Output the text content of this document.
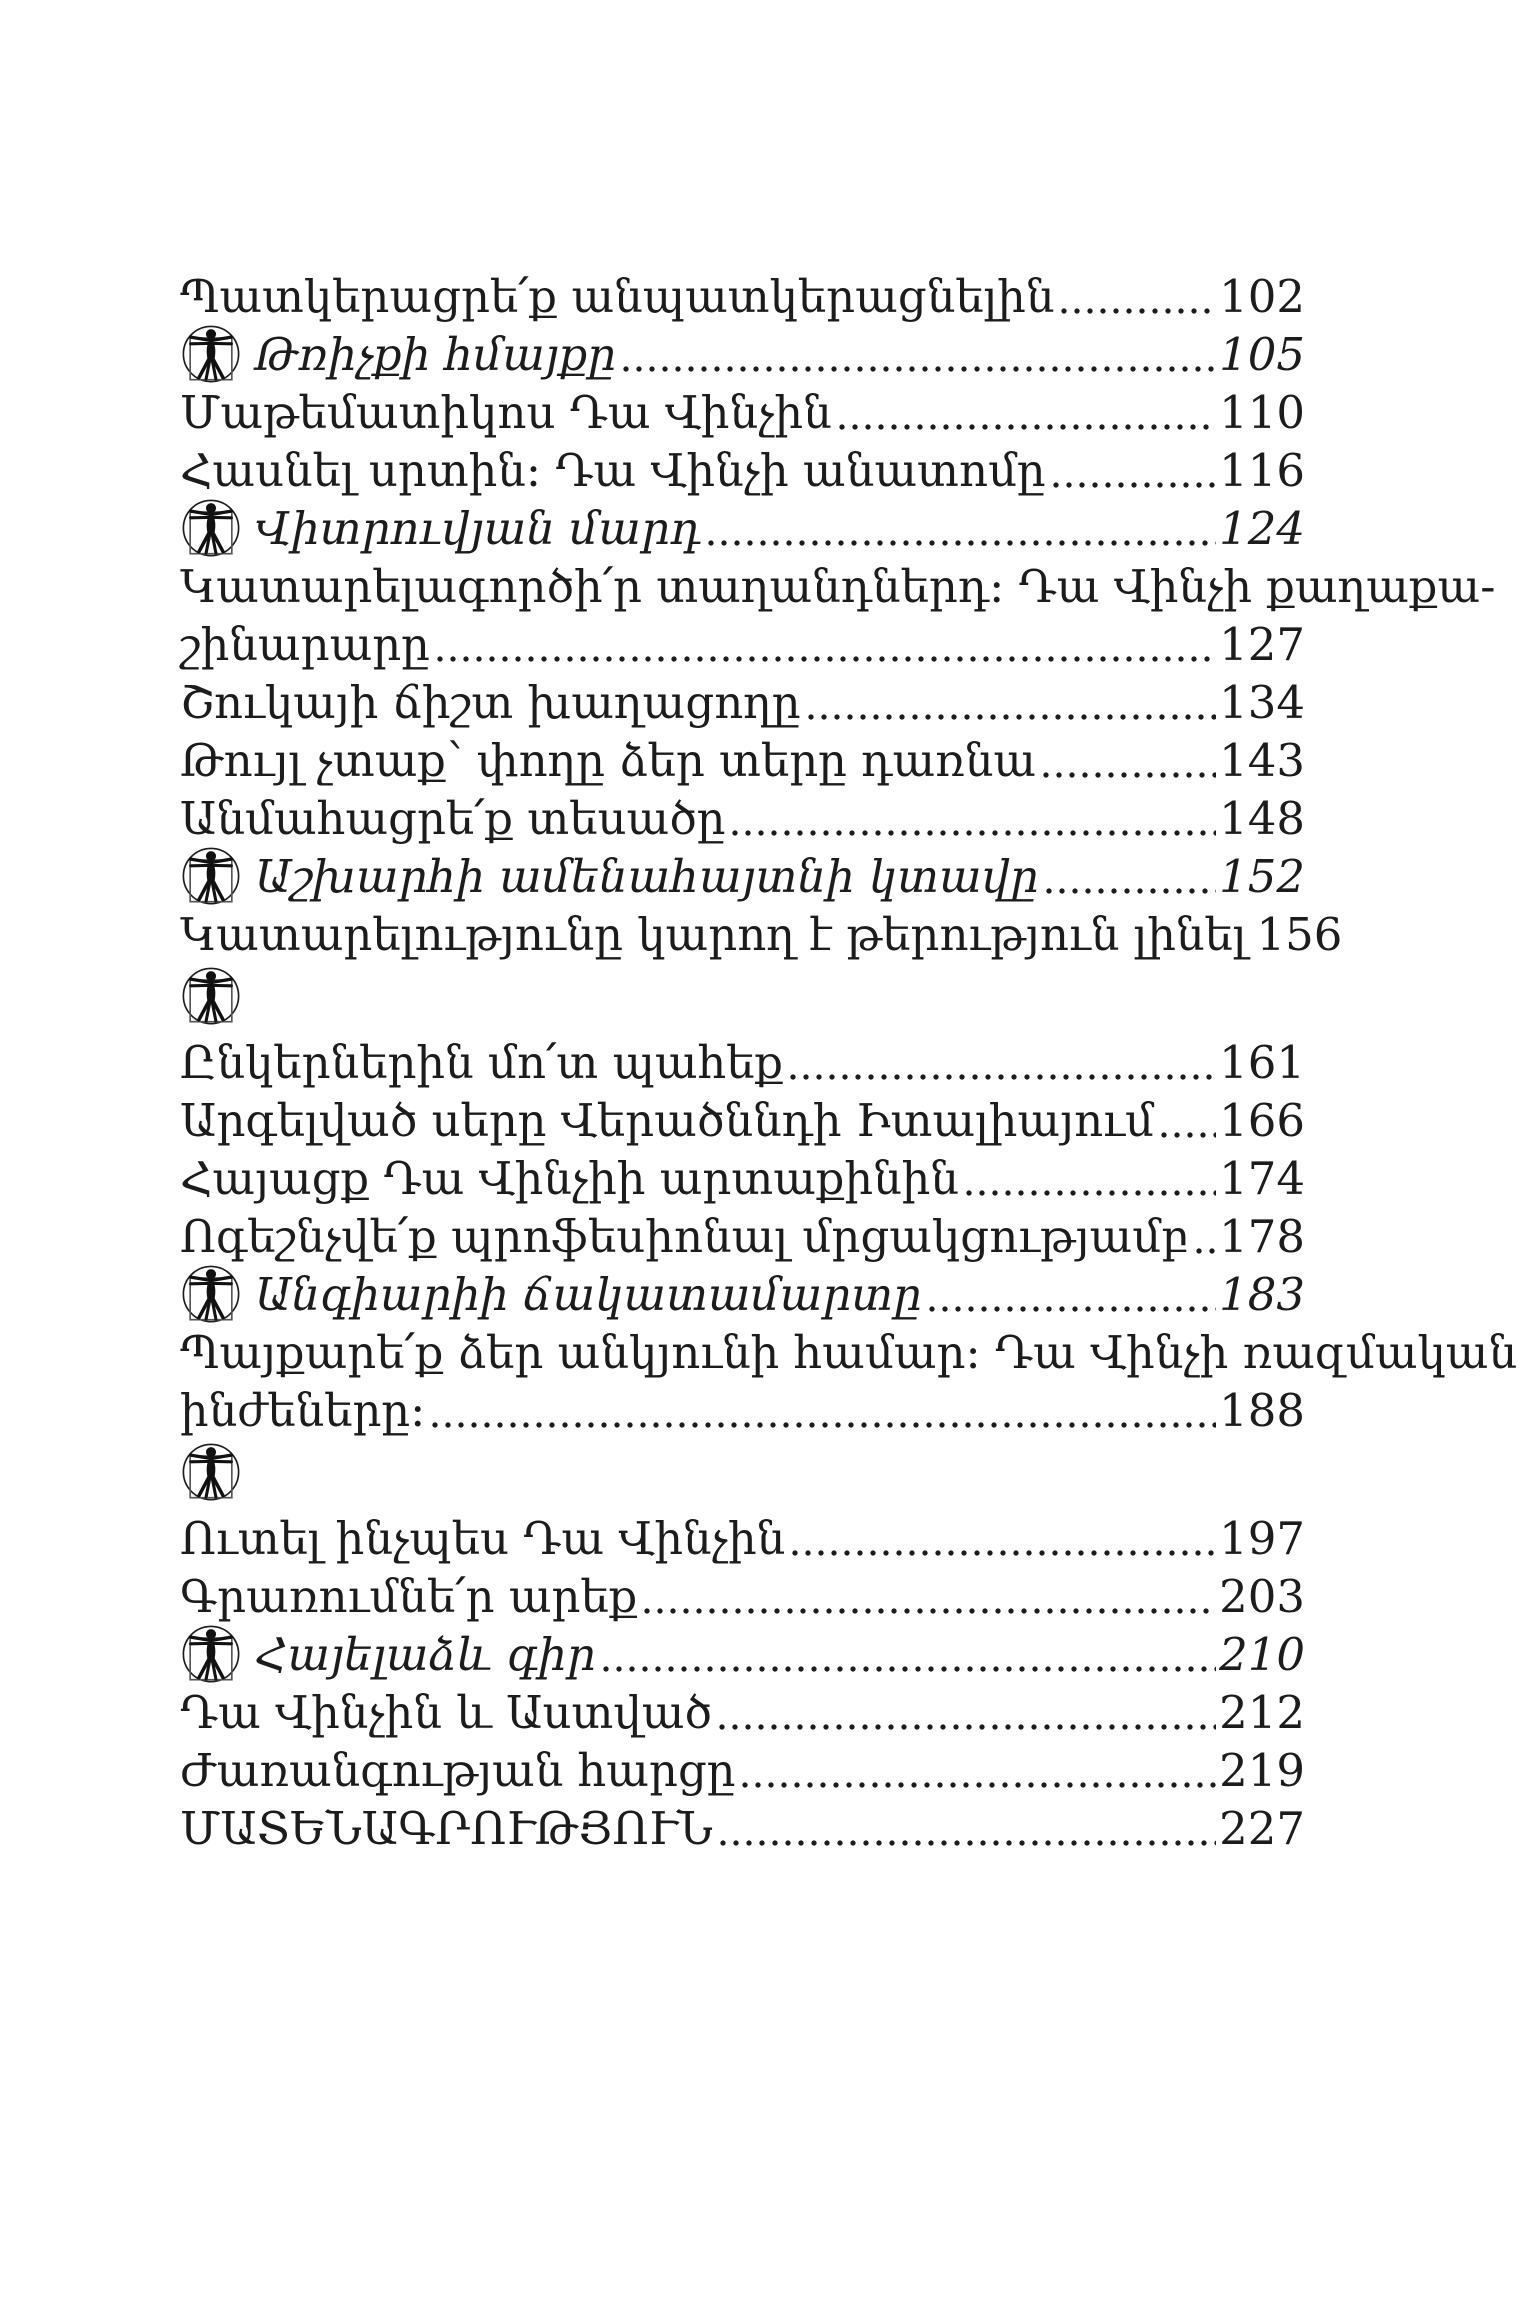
Պատկերացրե՛ք անպատկերացնելին	102
Թռիչքի հմայքը	105
Մաթեմատիկոս Դա Վինչին	110
Հասնել սրտին: Դա Վինչի անատոմը	116
Վիտրուվյան մարդ	124
Կատարելագործի՛ր տաղանդներդ: Դա Վինչի քաղաքա-
շինարարը	127
Շուկայի ճիշտ խաղացողը	134
Թույլ չտաք՝ փողը ձեր տերը դառնա	143
Անմահացրե՛ք տեսածը	148
Աշխարհի ամենահայտնի կտավը	152
Կատարելությունը կարող է թերություն լինել 156
Ընկերներին մո՛տ պահեք	161
Արգելված սերը Վերածննդի Իտալիայում 166
Հայացք Դա Վինչիի արտաքինին	174
Ոգեշնչվե՛ք պրոֆեսիոնալ մրցակցությամբ 178
Անգիարիի ճակատամարտը	183
Պայքարե՛ք ձեր անկյունի համար: Դա Վինչի ռազմական
ինժեները:	188
Ուտել ինչպես Դա Վինչին	197
Գրառումնե՛ր արեք	203
Հայելաձև գիր	210
Դա Վինչին և Աստված	212
Ժառանգության հարցը	219
ՄԱՏԵՆԱԳՐՈՒԹՅՈՒՆ	227
